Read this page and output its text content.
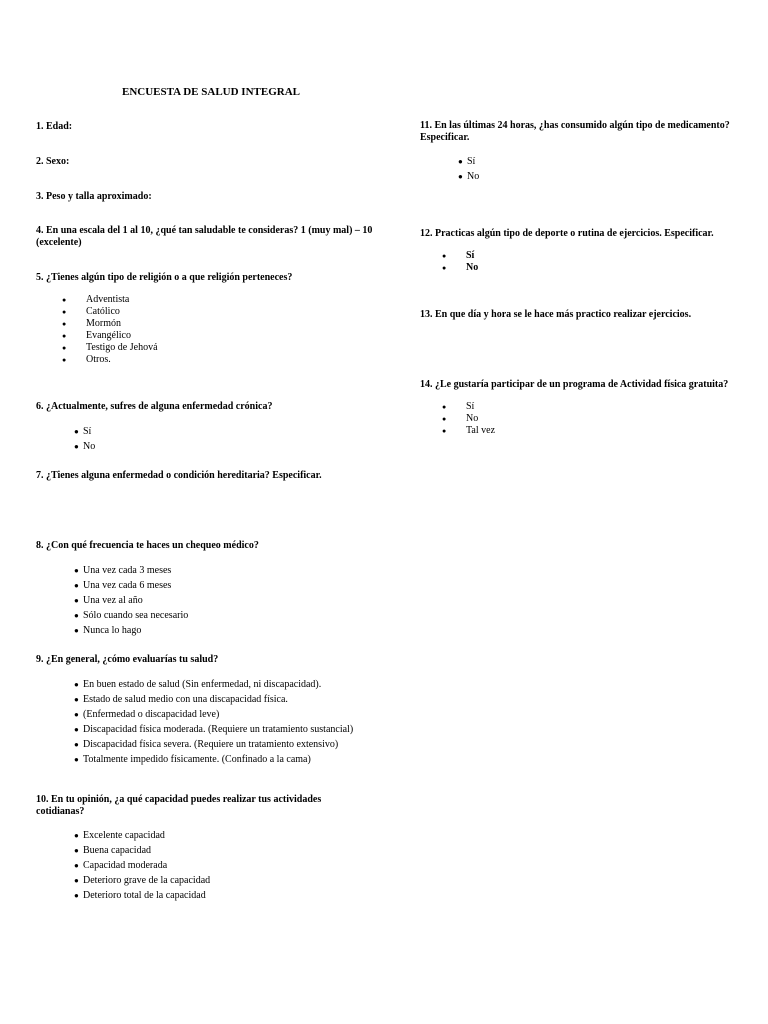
ENCUESTA DE SALUD INTEGRAL
1. Edad:
2. Sexo:
3. Peso y talla aproximado:
4. En una escala del 1 al 10, ¿qué tan saludable te consideras? 1 (muy mal) – 10 (excelente)
5. ¿Tienes algún tipo de religión o a que religión perteneces?
● Adventista
● Católico
● Mormón
● Evangélico
● Testigo de Jehová
● Otros.
6. ¿Actualmente, sufres de alguna enfermedad crónica?
● Sí
● No
7. ¿Tienes alguna enfermedad o condición hereditaria? Especificar.
8. ¿Con qué frecuencia te haces un chequeo médico?
● Una vez cada 3 meses
● Una vez cada 6 meses
● Una vez al año
● Sólo cuando sea necesario
● Nunca lo hago
9. ¿En general, ¿cómo evaluarías tu salud?
● En buen estado de salud (Sin enfermedad, ni discapacidad).
● Estado de salud medio con una discapacidad física.
● (Enfermedad o discapacidad leve)
● Discapacidad física moderada. (Requiere un tratamiento sustancial)
● Discapacidad física severa. (Requiere un tratamiento extensivo)
● Totalmente impedido físicamente. (Confinado a la cama)
10. En tu opinión, ¿a qué capacidad puedes realizar tus actividades cotidianas?
● Excelente capacidad
● Buena capacidad
● Capacidad moderada
● Deterioro grave de la capacidad
● Deterioro total de la capacidad
11. En las últimas 24 horas, ¿has consumido algún tipo de medicamento? Especificar.
● Sí
● No
12. Practicas algún tipo de deporte o rutina de ejercicios. Especificar.
● Sí
● No
13. En que día y hora se le hace más practico realizar ejercicios.
14. ¿Le gustaría participar de un programa de Actividad física gratuita?
● Sí
● No
● Tal vez
